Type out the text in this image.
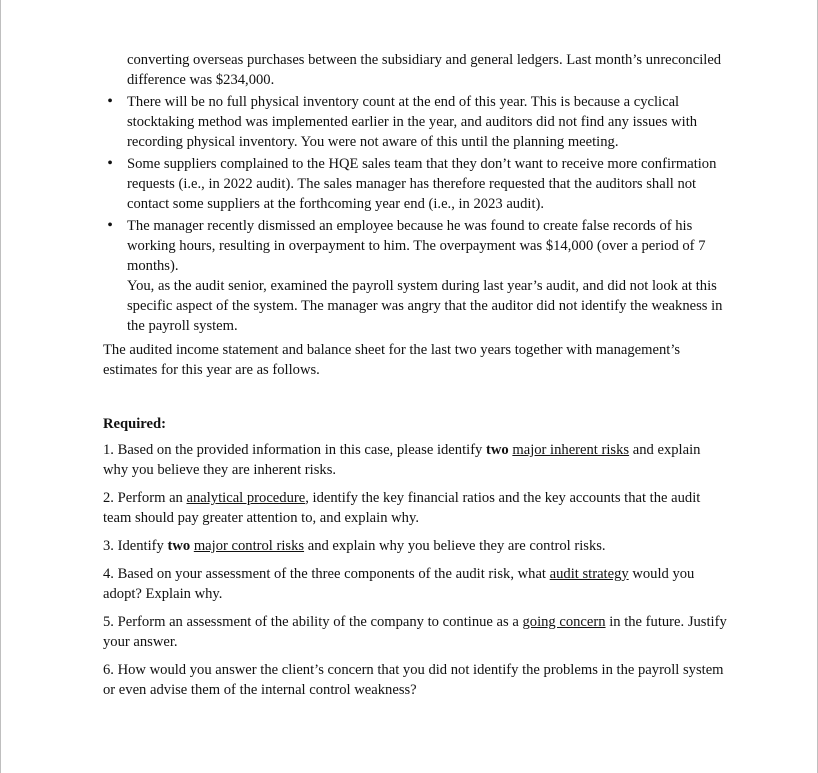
converting overseas purchases between the subsidiary and general ledgers. Last month’s unreconciled difference was $234,000.

• There will be no full physical inventory count at the end of this year. This is because a cyclical stocktaking method was implemented earlier in the year, and auditors did not find any issues with recording physical inventory. You were not aware of this until the planning meeting.
• Some suppliers complained to the HQE sales team that they don’t want to receive more confirmation requests (i.e., in 2022 audit). The sales manager has therefore requested that the auditors shall not contact some suppliers at the forthcoming year end (i.e., in 2023 audit).
• The manager recently dismissed an employee because he was found to create false records of his working hours, resulting in overpayment to him. The overpayment was $14,000 (over a period of 7 months).
You, as the audit senior, examined the payroll system during last year’s audit, and did not look at this specific aspect of the system. The manager was angry that the auditor did not identify the weakness in the payroll system.

The audited income statement and balance sheet for the last two years together with management’s estimates for this year are as follows.

Required:

1. Based on the provided information in this case, please identify two major inherent risks and explain why you believe they are inherent risks.

2. Perform an analytical procedure, identify the key financial ratios and the key accounts that the audit team should pay greater attention to, and explain why.

3. Identify two major control risks and explain why you believe they are control risks.

4. Based on your assessment of the three components of the audit risk, what audit strategy would you adopt? Explain why.

5. Perform an assessment of the ability of the company to continue as a going concern in the future. Justify your answer.

6. How would you answer the client’s concern that you did not identify the problems in the payroll system or even advise them of the internal control weakness?
